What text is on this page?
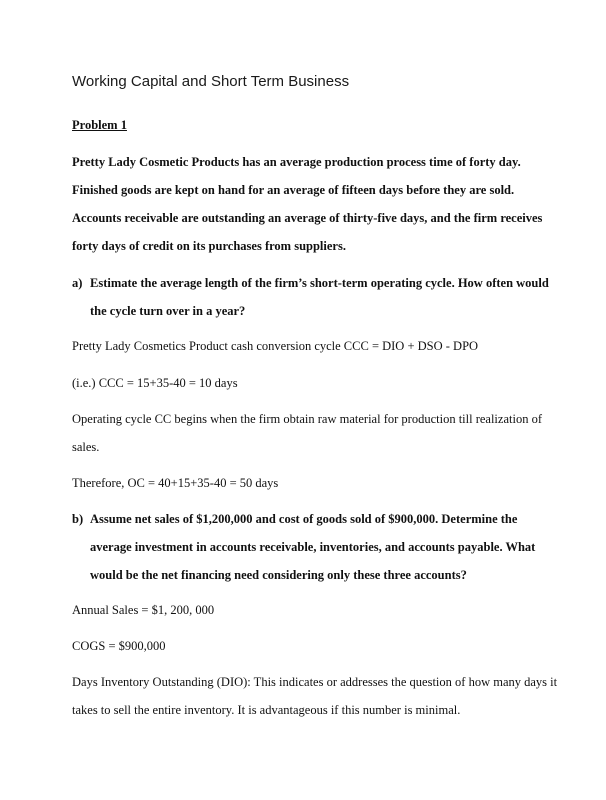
Working Capital and Short Term Business

Problem 1

Pretty Lady Cosmetic Products has an average production process time of forty day.

Finished goods are kept on hand for an average of fifteen days before they are sold.

Accounts receivable are outstanding an average of thirty-five days, and the firm receives

forty days of credit on its purchases from suppliers.

a) Estimate the average length of the firm’s short-term operating cycle. How often would

the cycle turn over in a year?

Pretty Lady Cosmetics Product cash conversion cycle CCC = DIO + DSO - DPO

(i.e.) CCC = 15+35-40 = 10 days

Operating cycle CC begins when the firm obtain raw material for production till realization of

sales.

Therefore, OC = 40+15+35-40 = 50 days

b) Assume net sales of $1,200,000 and cost of goods sold of $900,000. Determine the

average investment in accounts receivable, inventories, and accounts payable. What

would be the net financing need considering only these three accounts?

Annual Sales = $1, 200, 000

COGS = $900,000

Days Inventory Outstanding (DIO): This indicates or addresses the question of how many days it

takes to sell the entire inventory. It is advantageous if this number is minimal.
